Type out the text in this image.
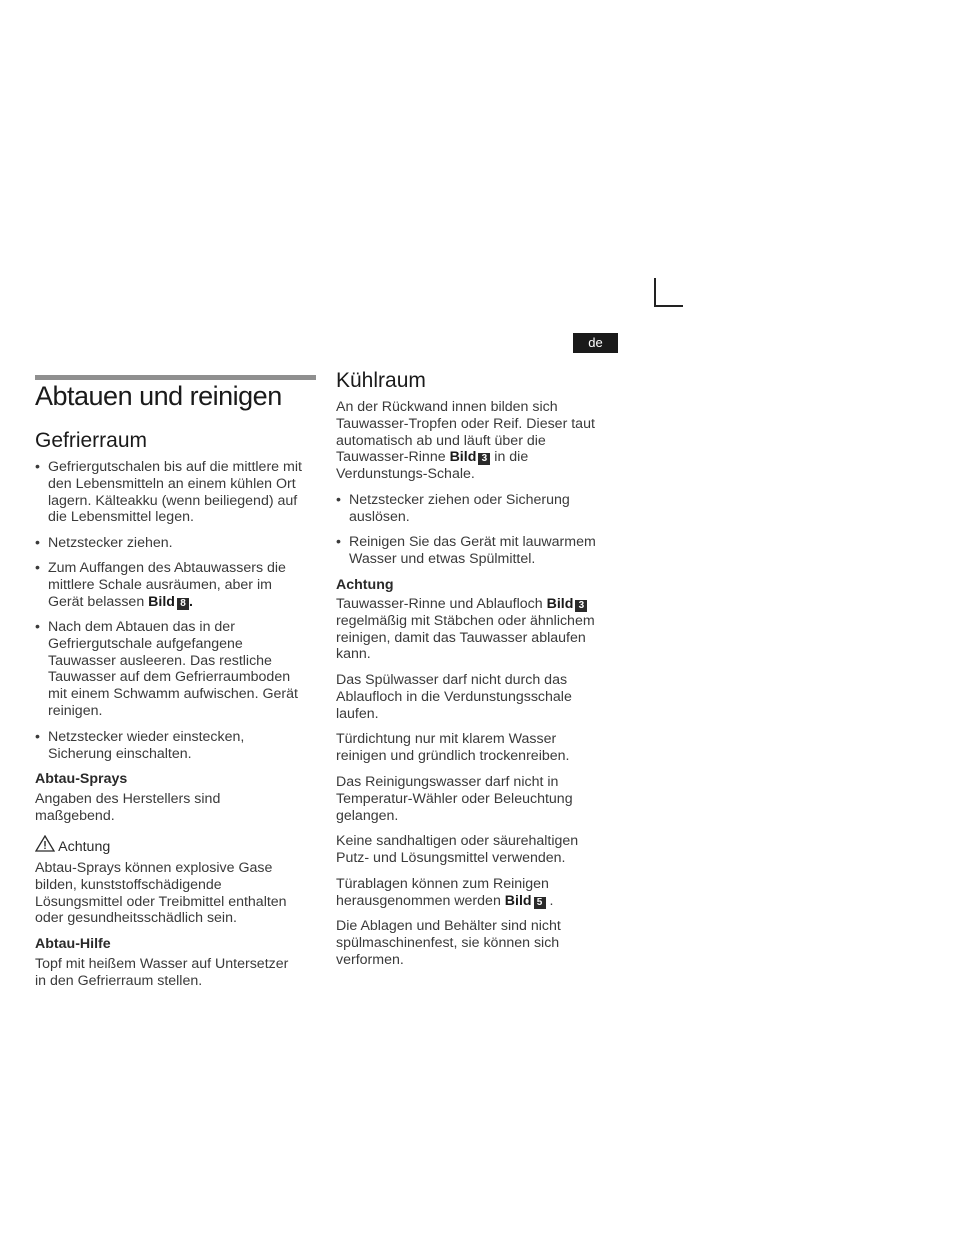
de
Abtauen und reinigen
Gefrierraum
• Gefriergutschalen bis auf die mittlere mit
den Lebensmitteln an einem kühlen Ort
lagern. Kälteakku (wenn beiliegend) auf
die Lebensmittel legen.
• Netzstecker ziehen.
• Zum Auffangen des Abtauwassers die
mittlere Schale ausräumen, aber im
Gerät belassen Bild 8 .
• Nach dem Abtauen das in der
Gefriergutschale aufgefangene
Tauwasser ausleeren. Das restliche
Tauwasser auf dem Gefrierraumboden
mit einem Schwamm aufwischen. Gerät
reinigen.
• Netzstecker wieder einstecken,
Sicherung einschalten.
Abtau-Sprays
Angaben des Herstellers sind
maßgebend.
Achtung
Abtau-Sprays können explosive Gase
bilden, kunststoffschädigende
Lösungsmittel oder Treibmittel enthalten
oder gesundheitsschädlich sein.
Abtau-Hilfe
Topf mit heißem Wasser auf Untersetzer
in den Gefrierraum stellen.
Kühlraum
An der Rückwand innen bilden sich
Tauwasser-Tropfen oder Reif. Dieser taut
automatisch ab und läuft über die
Tauwasser-Rinne Bild 3 in die
Verdunstungs-Schale.
• Netzstecker ziehen oder Sicherung
auslösen.
• Reinigen Sie das Gerät mit lauwarmem
Wasser und etwas Spülmittel.
Achtung
Tauwasser-Rinne und Ablaufloch Bild 3
regelmäßig mit Stäbchen oder ähnlichem
reinigen, damit das Tauwasser ablaufen
kann.
Das Spülwasser darf nicht durch das
Ablaufloch in die Verdunstungsschale
laufen.
Türdichtung nur mit klarem Wasser
reinigen und gründlich trockenreiben.
Das Reinigungswasser darf nicht in
Temperatur-Wähler oder Beleuchtung
gelangen.
Keine sandhaltigen oder säurehaltigen
Putz- und Lösungsmittel verwenden.
Türablagen können zum Reinigen
herausgenommen werden Bild 5 .
Die Ablagen und Behälter sind nicht
spülmaschinenfest, sie können sich
verformen.
